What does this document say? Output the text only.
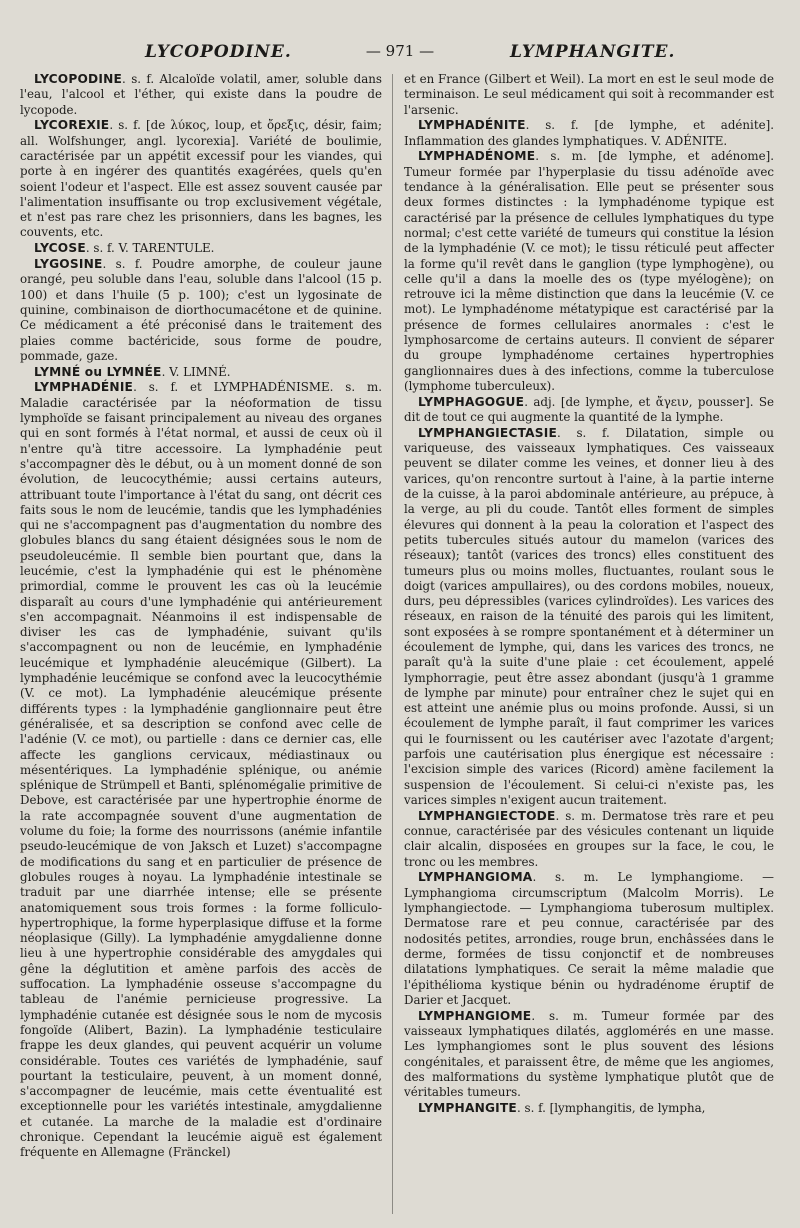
LYCOPODINE.	— 971 —	LYMPHANGITE.

LYCOPODINE. s. f. Alcaloïde volatil, amer, soluble dans l'eau, l'alcool et l'éther, qui existe dans la poudre de lycopode.

LYCOREXIE. s. f. [de λύκος, loup, et ὄρεξις, désir, faim; all. Wolfshunger, angl. lycorexia]. Variété de boulimie, caractérisée par un appétit excessif pour les viandes, qui porte à en ingérer des quantités exagérées, quels qu'en soient l'odeur et l'aspect. Elle est assez souvent causée par l'alimentation insuffisante ou trop exclusivement végétale, et n'est pas rare chez les prisonniers, dans les bagnes, les couvents, etc.

LYCOSE. s. f. V. TARENTULE.

LYGOSINE. s. f. Poudre amorphe, de couleur jaune orangé, peu soluble dans l'eau, soluble dans l'alcool (15 p. 100) et dans l'huile (5 p. 100); c'est un lygosinate de quinine, combinaison de diorthocumacétone et de quinine. Ce médicament a été préconisé dans le traitement des plaies comme bactéricide, sous forme de poudre, pommade, gaze.

LYMNÉ ou LYMNÉE. V. LIMNÉ.

LYMPHADÉNIE. s. f. et LYMPHADÉNISME. s. m. Maladie caractérisée par la néoformation de tissu lymphoïde se faisant principalement au niveau des organes qui en sont formés à l'état normal, et aussi de ceux où il n'entre qu'à titre accessoire. La lymphadénie peut s'accompagner dès le début, ou à un moment donné de son évolution, de leucocythémie; aussi certains auteurs, attribuant toute l'importance à l'état du sang, ont décrit ces faits sous le nom de leucémie, tandis que les lymphadénies qui ne s'accompagnent pas d'augmentation du nombre des globules blancs du sang étaient désignées sous le nom de pseudoleucémie. Il semble bien pourtant que, dans la leucémie, c'est la lymphadénie qui est le phénomène primordial, comme le prouvent les cas où la leucémie disparaît au cours d'une lymphadénie qui antérieurement s'en accompagnait. Néanmoins il est indispensable de diviser les cas de lymphadénie, suivant qu'ils s'accompagnent ou non de leucémie, en lymphadénie leucémique et lymphadénie aleucémique (Gilbert). La lymphadénie leucémique se confond avec la leucocythémie (V. ce mot). La lymphadénie aleucémique présente différents types : la lymphadénie ganglionnaire peut être généralisée, et sa description se confond avec celle de l'adénie (V. ce mot), ou partielle : dans ce dernier cas, elle affecte les ganglions cervicaux, médiastinaux ou mésentériques. La lymphadénie splénique, ou anémie splénique de Strümpell et Banti, splénomégalie primitive de Debove, est caractérisée par une hypertrophie énorme de la rate accompagnée souvent d'une augmentation de volume du foie; la forme des nourrissons (anémie infantile pseudo-leucémique de von Jaksch et Luzet) s'accompagne de modifications du sang et en particulier de présence de globules rouges à noyau. La lymphadénie intestinale se traduit par une diarrhée intense; elle se présente anatomiquement sous trois formes : la forme folliculo-hypertrophique, la forme hyperplasique diffuse et la forme néoplasique (Gilly). La lymphadénie amygdalienne donne lieu à une hypertrophie considérable des amygdales qui gêne la déglutition et amène parfois des accès de suffocation. La lymphadénie osseuse s'accompagne du tableau de l'anémie pernicieuse progressive. La lymphadénie cutanée est désignée sous le nom de mycosis fongoïde (Alibert, Bazin). La lymphadénie testiculaire frappe les deux glandes, qui peuvent acquérir un volume considérable. Toutes ces variétés de lymphadénie, sauf pourtant la testiculaire, peuvent, à un moment donné, s'accompagner de leucémie, mais cette éventualité est exceptionnelle pour les variétés intestinale, amygdalienne et cutanée. La marche de la maladie est d'ordinaire chronique. Cependant la leucémie aiguë est également fréquente en Allemagne (Fränckel)

et en France (Gilbert et Weil). La mort en est le seul mode de terminaison. Le seul médicament qui soit à recommander est l'arsenic.

LYMPHADÉNITE. s. f. [de lymphe, et adénite]. Inflammation des glandes lymphatiques. V. ADÉNITE.

LYMPHADÉNOME. s. m. [de lymphe, et adénome]. Tumeur formée par l'hyperplasie du tissu adénoïde avec tendance à la généralisation. Elle peut se présenter sous deux formes distinctes : la lymphadénome typique est caractérisé par la présence de cellules lymphatiques du type normal; c'est cette variété de tumeurs qui constitue la lésion de la lymphadénie (V. ce mot); le tissu réticulé peut affecter la forme qu'il revêt dans le ganglion (type lymphogène), ou celle qu'il a dans la moelle des os (type myélogène); on retrouve ici la même distinction que dans la leucémie (V. ce mot). Le lymphadénome métatypique est caractérisé par la présence de formes cellulaires anormales : c'est le lymphosarcome de certains auteurs. Il convient de séparer du groupe lymphadénome certaines hypertrophies ganglionnaires dues à des infections, comme la tuberculose (lymphome tuberculeux).

LYMPHAGOGUE. adj. [de lymphe, et ἄγειν, pousser]. Se dit de tout ce qui augmente la quantité de la lymphe.

LYMPHANGIECTASIE. s. f. Dilatation, simple ou variqueuse, des vaisseaux lymphatiques. Ces vaisseaux peuvent se dilater comme les veines, et donner lieu à des varices, qu'on rencontre surtout à l'aine, à la partie interne de la cuisse, à la paroi abdominale antérieure, au prépuce, à la verge, au pli du coude. Tantôt elles forment de simples élevures qui donnent à la peau la coloration et l'aspect des petits tubercules situés autour du mamelon (varices des réseaux); tantôt (varices des troncs) elles constituent des tumeurs plus ou moins molles, fluctuantes, roulant sous le doigt (varices ampullaires), ou des cordons mobiles, noueux, durs, peu dépressibles (varices cylindroïdes). Les varices des réseaux, en raison de la ténuité des parois qui les limitent, sont exposées à se rompre spontanément et à déterminer un écoulement de lymphe, qui, dans les varices des troncs, ne paraît qu'à la suite d'une plaie : cet écoulement, appelé lymphorragie, peut être assez abondant (jusqu'à 1 gramme de lymphe par minute) pour entraîner chez le sujet qui en est atteint une anémie plus ou moins profonde. Aussi, si un écoulement de lymphe paraît, il faut comprimer les varices qui le fournissent ou les cautériser avec l'azotate d'argent; parfois une cautérisation plus énergique est nécessaire : l'excision simple des varices (Ricord) amène facilement la suspension de l'écoulement. Si celui-ci n'existe pas, les varices simples n'exigent aucun traitement.

LYMPHANGIECTODE. s. m. Dermatose très rare et peu connue, caractérisée par des vésicules contenant un liquide clair alcalin, disposées en groupes sur la face, le cou, le tronc ou les membres.

LYMPHANGIOMA. s. m. Le lymphangiome. — Lymphangioma circumscriptum (Malcolm Morris). Le lymphangiectode. — Lymphangioma tuberosum multiplex. Dermatose rare et peu connue, caractérisée par des nodosités petites, arrondies, rouge brun, enchâssées dans le derme, formées de tissu conjonctif et de nombreuses dilatations lymphatiques. Ce serait la même maladie que l'épithélioma kystique bénin ou hydradénome éruptif de Darier et Jacquet.

LYMPHANGIOME. s. m. Tumeur formée par des vaisseaux lymphatiques dilatés, agglomérés en une masse. Les lymphangiomes sont le plus souvent des lésions congénitales, et paraissent être, de même que les angiomes, des malformations du système lymphatique plutôt que de véritables tumeurs.

LYMPHANGITE. s. f. [lymphangitis, de lympha,
